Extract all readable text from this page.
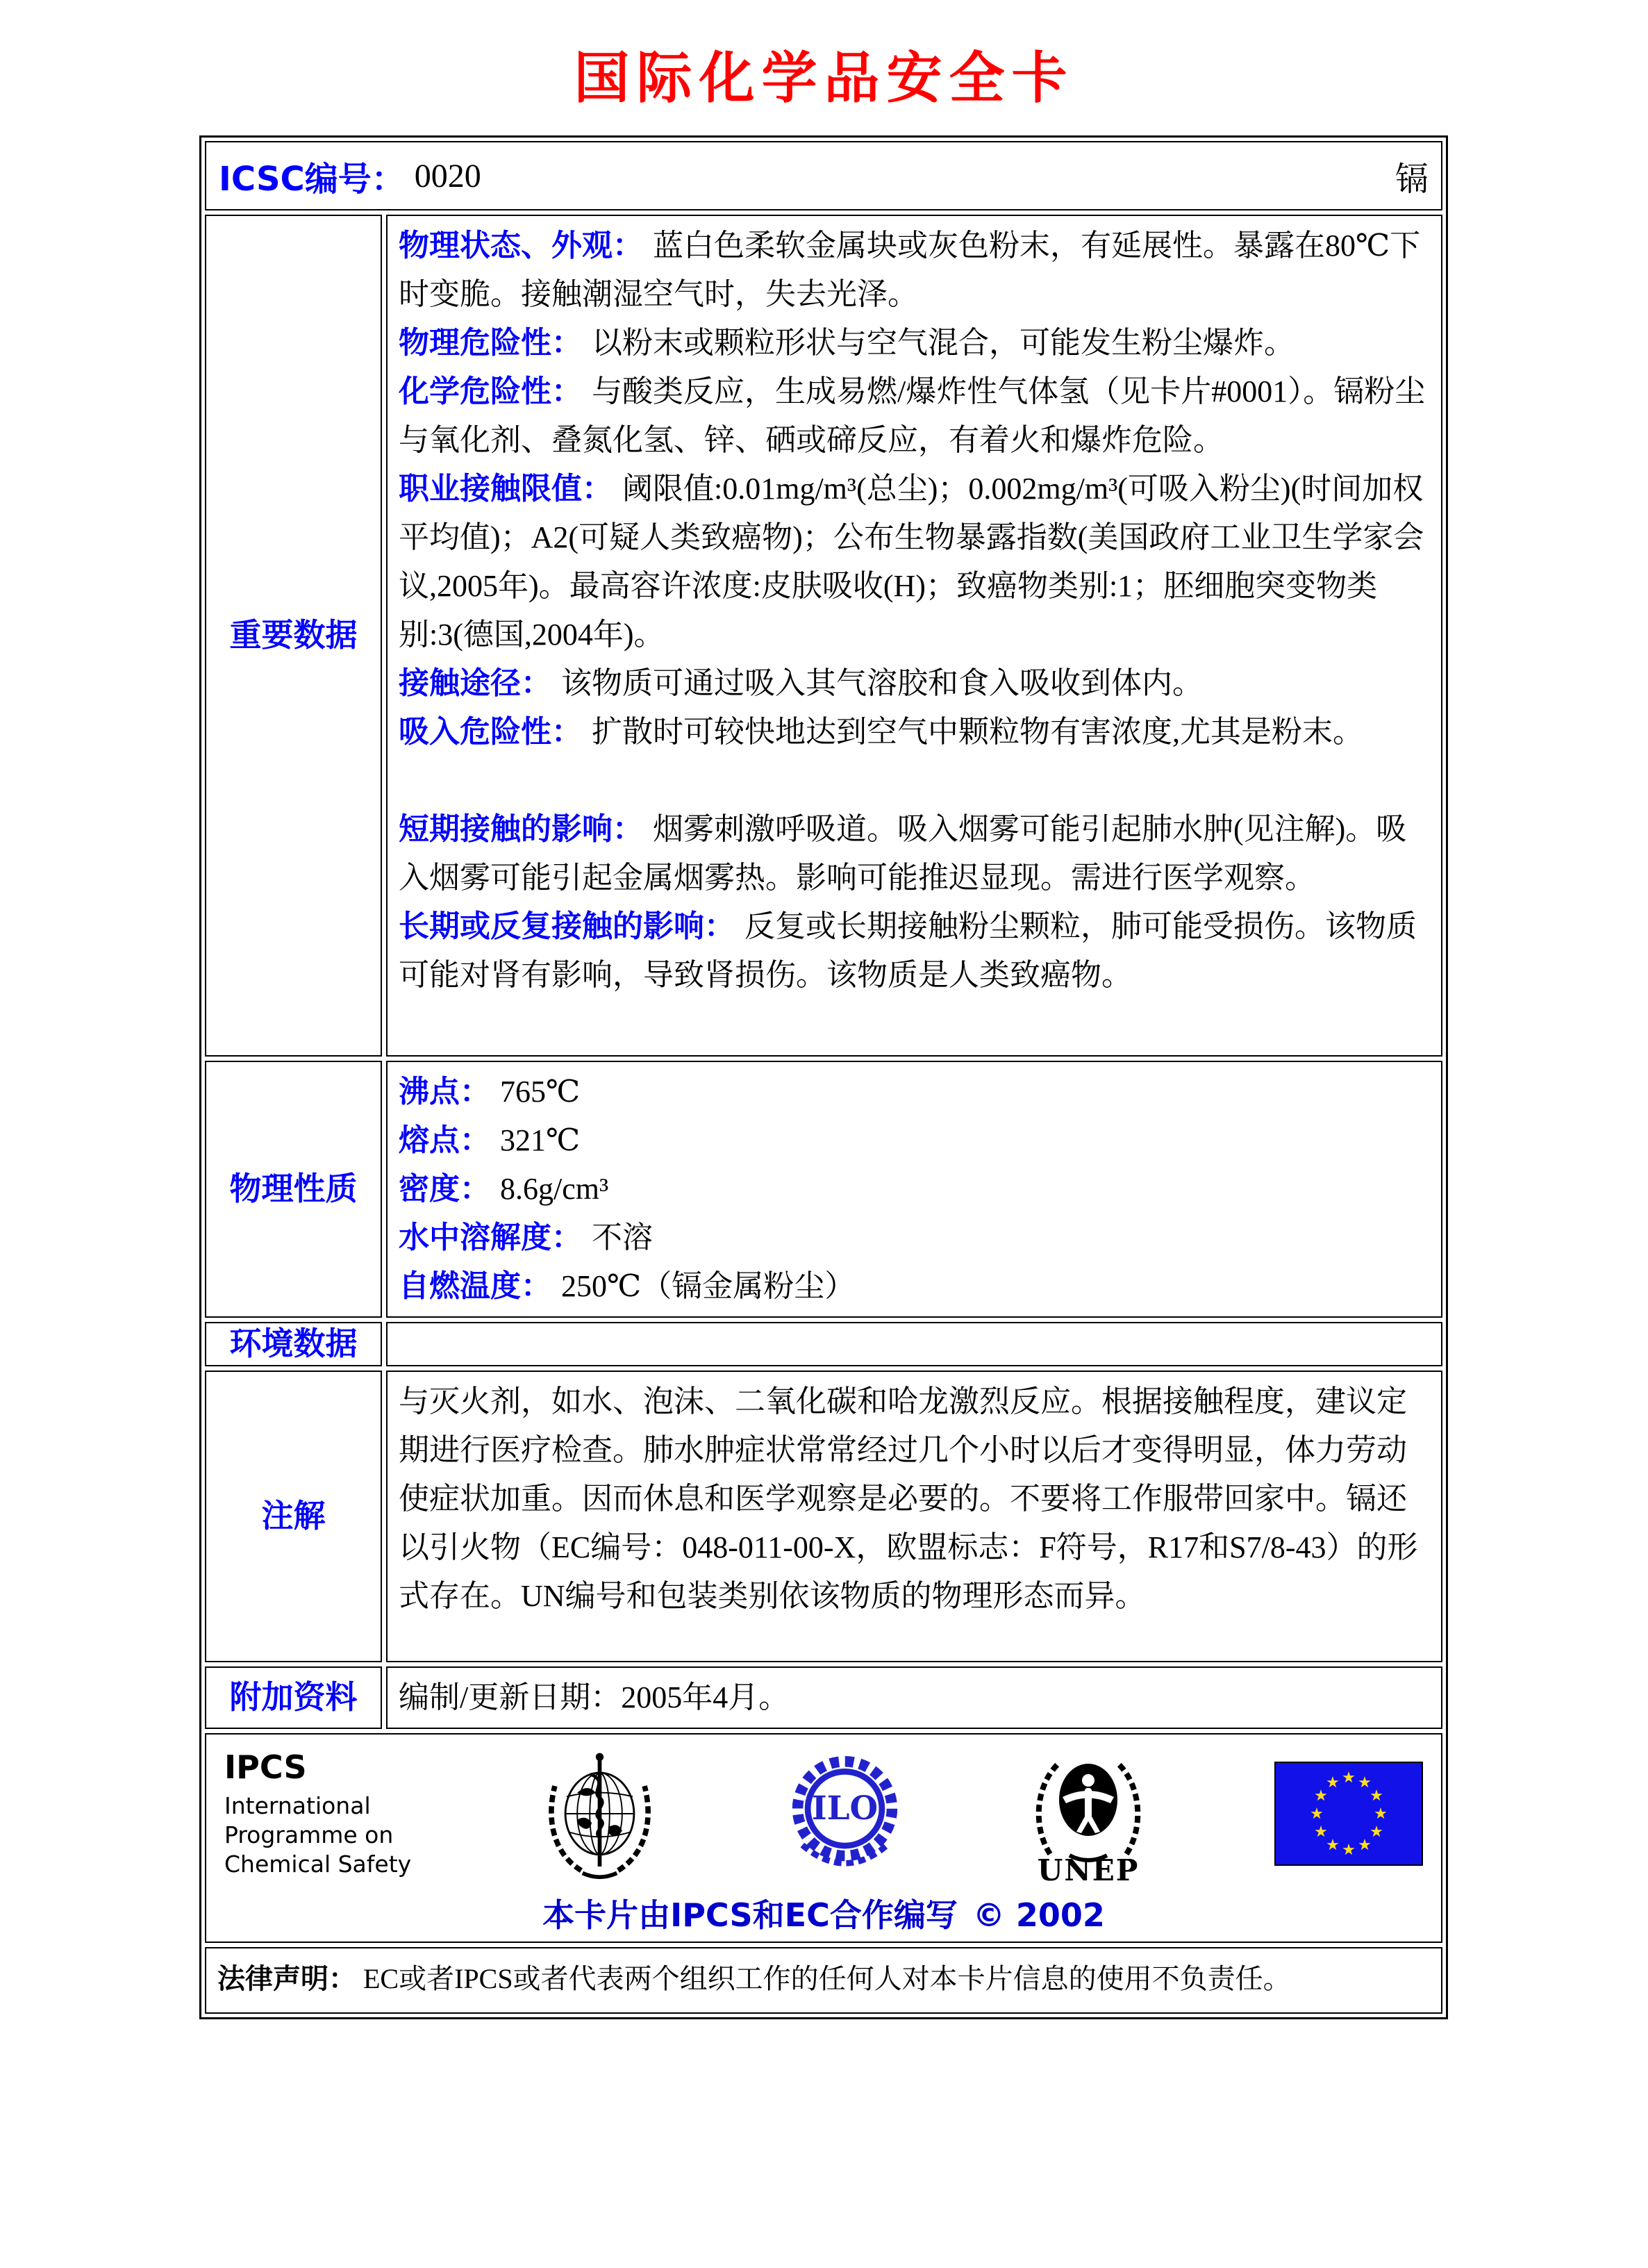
国际化学品安全卡
ICSC编号： 0020	镉
重要数据
物理状态、外观： 蓝白色柔软金属块或灰色粉末，有延展性。暴露在80℃下时变脆。接触潮湿空气时，失去光泽。
物理危险性： 以粉末或颗粒形状与空气混合，可能发生粉尘爆炸。
化学危险性： 与酸类反应，生成易燃/爆炸性气体氢（见卡片#0001）。镉粉尘与氧化剂、叠氮化氢、锌、硒或碲反应，有着火和爆炸危险。
职业接触限值： 阈限值:0.01mg/m³(总尘)；0.002mg/m³(可吸入粉尘)(时间加权平均值)；A2(可疑人类致癌物)；公布生物暴露指数(美国政府工业卫生学家会议,2005年)。最高容许浓度:皮肤吸收(H)；致癌物类别:1；胚细胞突变物类别:3(德国,2004年)。
接触途径： 该物质可通过吸入其气溶胶和食入吸收到体内。
吸入危险性： 扩散时可较快地达到空气中颗粒物有害浓度,尤其是粉末。
短期接触的影响： 烟雾刺激呼吸道。吸入烟雾可能引起肺水肿(见注解)。吸入烟雾可能引起金属烟雾热。影响可能推迟显现。需进行医学观察。
长期或反复接触的影响： 反复或长期接触粉尘颗粒，肺可能受损伤。该物质可能对肾有影响，导致肾损伤。该物质是人类致癌物。
物理性质
沸点： 765℃
熔点： 321℃
密度： 8.6g/cm³
水中溶解度： 不溶
自燃温度： 250℃（镉金属粉尘）
环境数据
注解
与灭火剂，如水、泡沫、二氧化碳和哈龙激烈反应。根据接触程度，建议定期进行医疗检查。肺水肿症状常常经过几个小时以后才变得明显，体力劳动使症状加重。因而休息和医学观察是必要的。不要将工作服带回家中。镉还以引火物（EC编号：048-011-00-X，欧盟标志：F符号，R17和S7/8-43）的形式存在。UN编号和包装类别依该物质的物理形态而异。
附加资料	编制/更新日期：2005年4月。
IPCS
International
Programme on
Chemical Safety
ILO
UNEP
本卡片由IPCS和EC合作编写 © 2002
法律声明： EC或者IPCS或者代表两个组织工作的任何人对本卡片信息的使用不负责任。
